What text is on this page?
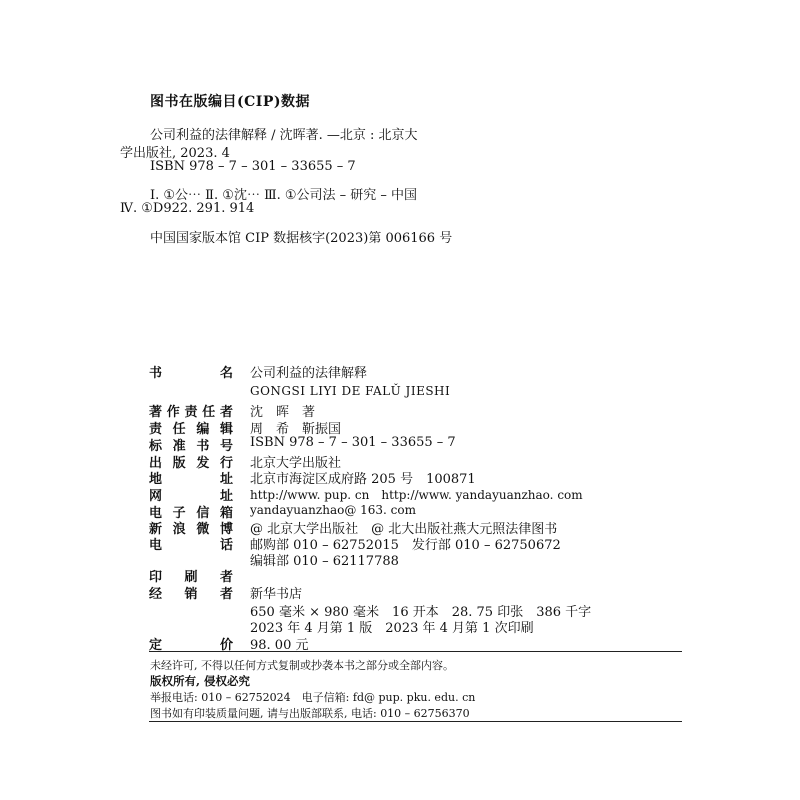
图书在版编目(CIP)数据
公司利益的法律解释 / 沈晖著. —北京 : 北京大
学出版社, 2023. 4
ISBN 978 – 7 – 301 – 33655 – 7
Ⅰ. ①公⋯ Ⅱ. ①沈⋯ Ⅲ. ①公司法 – 研究 – 中国
Ⅳ. ①D922. 291. 914
中国国家版本馆 CIP 数据核字(2023)第 006166 号
书　　名 公司利益的法律解释
GONGSI LIYI DE FALǓ JIESHI
著作责任者 沈　晖　著
责任编辑 周　希　靳振国
标准书号 ISBN 978 – 7 – 301 – 33655 – 7
出版发行 北京大学出版社
地　　址 北京市海淀区成府路 205 号　100871
网　　址 http://www. pup. cn　http://www. yandayuanzhao. com
电子信箱 yandayuanzhao@ 163. com
新浪微博 @ 北京大学出版社　@ 北大出版社燕大元照法律图书
电　　话 邮购部 010 – 62752015　发行部 010 – 62750672
编辑部 010 – 62117788
印　刷　者
经　销　者 新华书店
650 毫米 × 980 毫米　16 开本　28. 75 印张　386 千字
2023 年 4 月第 1 版　2023 年 4 月第 1 次印刷
定　　价 98. 00 元
未经许可, 不得以任何方式复制或抄袭本书之部分或全部内容。
版权所有, 侵权必究
举报电话: 010 – 62752024　电子信箱: fd@ pup. pku. edu. cn
图书如有印装质量问题, 请与出版部联系, 电话: 010 – 62756370
